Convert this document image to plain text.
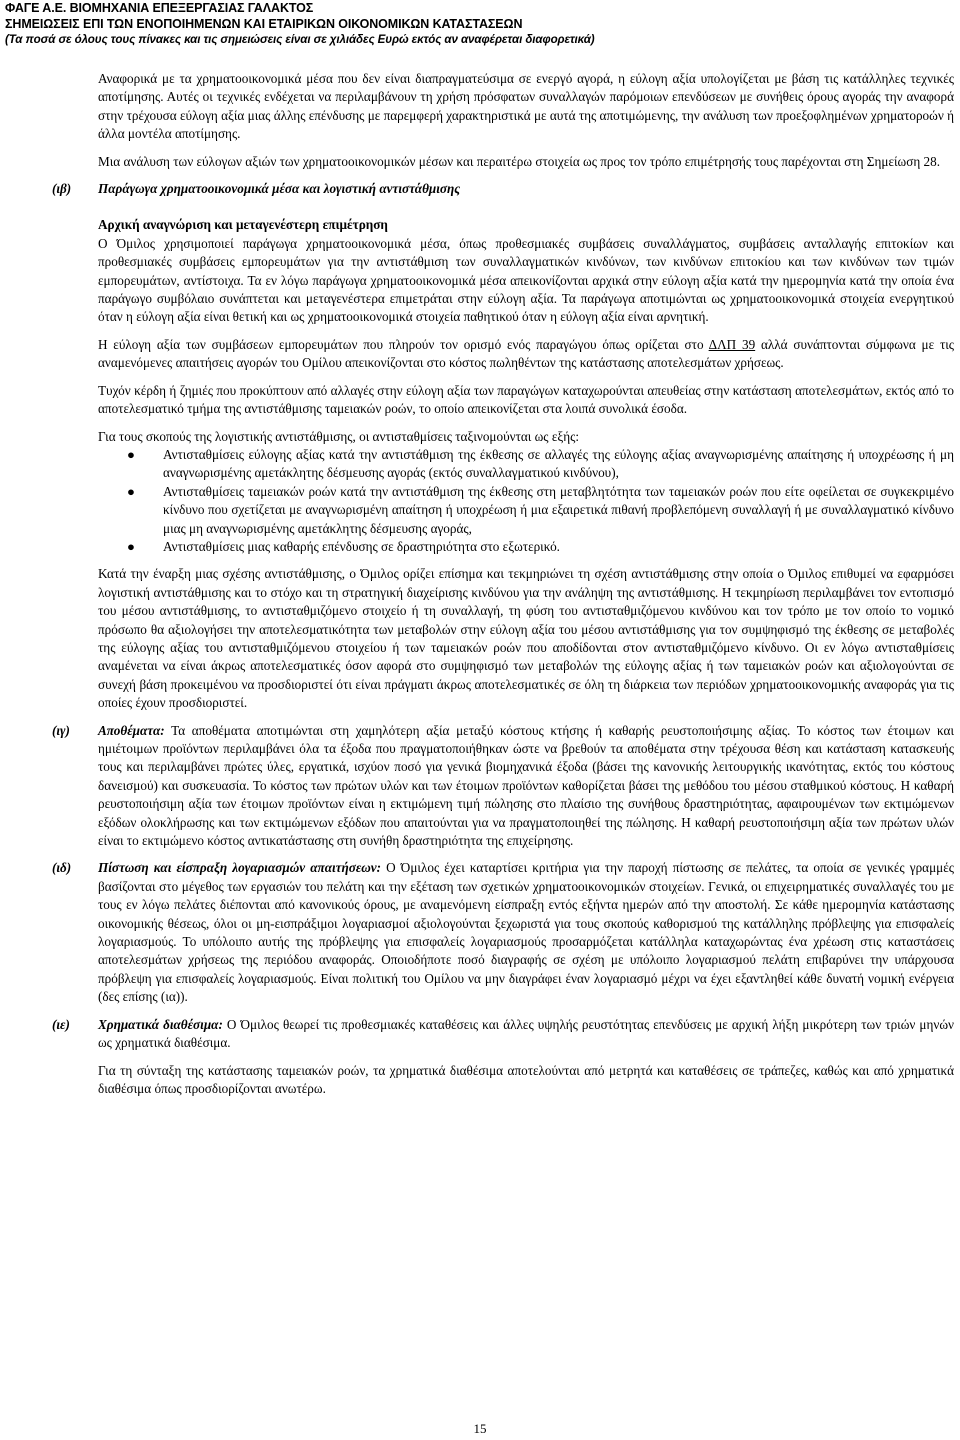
ΦΑΓΕ Α.Ε. ΒΙΟΜΗΧΑΝΙΑ ΕΠΕΞΕΡΓΑΣΙΑΣ ΓΑΛΑΚΤΟΣ
ΣΗΜΕΙΩΣΕΙΣ ΕΠΙ ΤΩΝ ΕΝΟΠΟΙΗΜΕΝΩΝ ΚΑΙ ΕΤΑΙΡΙΚΩΝ ΟΙΚΟΝΟΜΙΚΩΝ ΚΑΤΑΣΤΑΣΕΩΝ
(Τα ποσά σε όλους τους πίνακες και τις σημειώσεις είναι σε χιλιάδες Ευρώ εκτός αν αναφέρεται διαφορετικά)

Αναφορικά με τα χρηματοοικονομικά μέσα που δεν είναι διαπραγματεύσιμα σε ενεργό αγορά, η εύλογη αξία υπολογίζεται με βάση τις κατάλληλες τεχνικές αποτίμησης. Αυτές οι τεχνικές ενδέχεται να περιλαμβάνουν τη χρήση πρόσφατων συναλλαγών παρόμοιων επενδύσεων με συνήθεις όρους αγοράς την αναφορά στην τρέχουσα εύλογη αξία μιας άλλης επένδυσης με παρεμφερή χαρακτηριστικά με αυτά της αποτιμώμενης, την ανάλυση των προεξοφλημένων χρηματοροών ή άλλα μοντέλα αποτίμησης.

Μια ανάλυση των εύλογων αξιών των χρηματοοικονομικών μέσων και περαιτέρω στοιχεία ως προς τον τρόπο επιμέτρησής τους παρέχονται στη Σημείωση 28.

(ιβ) Παράγωγα χρηματοοικονομικά μέσα και λογιστική αντιστάθμισης

Αρχική αναγνώριση και μεταγενέστερη επιμέτρηση

Ο Όμιλος χρησιμοποιεί παράγωγα χρηματοοικονομικά μέσα, όπως προθεσμιακές συμβάσεις συναλλάγματος, συμβάσεις ανταλλαγής επιτοκίων και προθεσμιακές συμβάσεις εμπορευμάτων για την αντιστάθμιση των συναλλαγματικών κινδύνων, των κινδύνων επιτοκίου και των κινδύνων των τιμών εμπορευμάτων, αντίστοιχα. Τα εν λόγω παράγωγα χρηματοοικονομικά μέσα απεικονίζονται αρχικά στην εύλογη αξία κατά την ημερομηνία κατά την οποία ένα παράγωγο συμβόλαιο συνάπτεται και μεταγενέστερα επιμετράται στην εύλογη αξία. Τα παράγωγα αποτιμώνται ως χρηματοοικονομικά στοιχεία ενεργητικού όταν η εύλογη αξία είναι θετική και ως χρηματοοικονομικά στοιχεία παθητικού όταν η εύλογη αξία είναι αρνητική.

Η εύλογη αξία των συμβάσεων εμπορευμάτων που πληρούν τον ορισμό ενός παραγώγου όπως ορίζεται στο ΔΛΠ 39 αλλά συνάπτονται σύμφωνα με τις αναμενόμενες απαιτήσεις αγορών του Ομίλου απεικονίζονται στο κόστος πωληθέντων της κατάστασης αποτελεσμάτων χρήσεως.

Τυχόν κέρδη ή ζημιές που προκύπτουν από αλλαγές στην εύλογη αξία των παραγώγων καταχωρούνται απευθείας στην κατάσταση αποτελεσμάτων, εκτός από το αποτελεσματικό τμήμα της αντιστάθμισης ταμειακών ροών, το οποίο απεικονίζεται στα λοιπά συνολικά έσοδα.

Για τους σκοπούς της λογιστικής αντιστάθμισης, οι αντισταθμίσεις ταξινομούνται ως εξής:

● Αντισταθμίσεις εύλογης αξίας κατά την αντιστάθμιση της έκθεσης σε αλλαγές της εύλογης αξίας αναγνωρισμένης απαίτησης ή υποχρέωσης ή μη αναγνωρισμένης αμετάκλητης δέσμευσης αγοράς (εκτός συναλλαγματικού κινδύνου),
● Αντισταθμίσεις ταμειακών ροών κατά την αντιστάθμιση της έκθεσης στη μεταβλητότητα των ταμειακών ροών που είτε οφείλεται σε συγκεκριμένο κίνδυνο που σχετίζεται με αναγνωρισμένη απαίτηση ή υποχρέωση ή μια εξαιρετικά πιθανή προβλεπόμενη συναλλαγή ή με συναλλαγματικό κίνδυνο μιας μη αναγνωρισμένης αμετάκλητης δέσμευσης αγοράς,
● Αντισταθμίσεις μιας καθαρής επένδυσης σε δραστηριότητα στο εξωτερικό.

Κατά την έναρξη μιας σχέσης αντιστάθμισης, ο Όμιλος ορίζει επίσημα και τεκμηριώνει τη σχέση αντιστάθμισης στην οποία ο Όμιλος επιθυμεί να εφαρμόσει λογιστική αντιστάθμισης και το στόχο και τη στρατηγική διαχείρισης κινδύνου για την ανάληψη της αντιστάθμισης. Η τεκμηρίωση περιλαμβάνει τον εντοπισμό του μέσου αντιστάθμισης, το αντισταθμιζόμενο στοιχείο ή τη συναλλαγή, τη φύση του αντισταθμιζόμενου κινδύνου και τον τρόπο με τον οποίο το νομικό πρόσωπο θα αξιολογήσει την αποτελεσματικότητα των μεταβολών στην εύλογη αξία του μέσου αντιστάθμισης για τον συμψηφισμό της έκθεσης σε μεταβολές της εύλογης αξίας του αντισταθμιζόμενου στοιχείου ή των ταμειακών ροών που αποδίδονται στον αντισταθμιζόμενο κίνδυνο. Οι εν λόγω αντισταθμίσεις αναμένεται να είναι άκρως αποτελεσματικές όσον αφορά στο συμψηφισμό των μεταβολών της εύλογης αξίας ή των ταμειακών ροών και αξιολογούνται σε συνεχή βάση προκειμένου να προσδιοριστεί ότι είναι πράγματι άκρως αποτελεσματικές σε όλη τη διάρκεια των περιόδων χρηματοοικονομικής αναφοράς για τις οποίες έχουν προσδιοριστεί.

(ιγ) Αποθέματα: Τα αποθέματα αποτιμώνται στη χαμηλότερη αξία μεταξύ κόστους κτήσης ή καθαρής ρευστοποιήσιμης αξίας. Το κόστος των έτοιμων και ημιέτοιμων προϊόντων περιλαμβάνει όλα τα έξοδα που πραγματοποιήθηκαν ώστε να βρεθούν τα αποθέματα στην τρέχουσα θέση και κατάσταση κατασκευής τους και περιλαμβάνει πρώτες ύλες, εργατικά, ισχύον ποσό για γενικά βιομηχανικά έξοδα (βάσει της κανονικής λειτουργικής ικανότητας, εκτός του κόστους δανεισμού) και συσκευασία. Το κόστος των πρώτων υλών και των έτοιμων προϊόντων καθορίζεται βάσει της μεθόδου του μέσου σταθμικού κόστους. Η καθαρή ρευστοποιήσιμη αξία των έτοιμων προϊόντων είναι η εκτιμώμενη τιμή πώλησης στο πλαίσιο της συνήθους δραστηριότητας, αφαιρουμένων των εκτιμώμενων εξόδων ολοκλήρωσης και των εκτιμώμενων εξόδων που απαιτούνται για να πραγματοποιηθεί της πώλησης. Η καθαρή ρευστοποιήσιμη αξία των πρώτων υλών είναι το εκτιμώμενο κόστος αντικατάστασης στη συνήθη δραστηριότητα της επιχείρησης.

(ιδ) Πίστωση και είσπραξη λογαριασμών απαιτήσεων: Ο Όμιλος έχει καταρτίσει κριτήρια για την παροχή πίστωσης σε πελάτες, τα οποία σε γενικές γραμμές βασίζονται στο μέγεθος των εργασιών του πελάτη και την εξέταση των σχετικών χρηματοοικονομικών στοιχείων. Γενικά, οι επιχειρηματικές συναλλαγές του με τους εν λόγω πελάτες διέπονται από κανονικούς όρους, με αναμενόμενη είσπραξη εντός εξήντα ημερών από την αποστολή. Σε κάθε ημερομηνία κατάστασης οικονομικής θέσεως, όλοι οι μη-εισπράξιμοι λογαριασμοί αξιολογούνται ξεχωριστά για τους σκοπούς καθορισμού της κατάλληλης πρόβλεψης για επισφαλείς λογαριασμούς. Το υπόλοιπο αυτής της πρόβλεψης για επισφαλείς λογαριασμούς προσαρμόζεται κατάλληλα καταχωρώντας ένα χρέωση στις καταστάσεις αποτελεσμάτων χρήσεως της περιόδου αναφοράς. Οποιοδήποτε ποσό διαγραφής σε σχέση με υπόλοιπο λογαριασμού πελάτη επιβαρύνει την υπάρχουσα πρόβλεψη για επισφαλείς λογαριασμούς. Είναι πολιτική του Ομίλου να μην διαγράφει έναν λογαριασμό μέχρι να έχει εξαντληθεί κάθε δυνατή νομική ενέργεια (δες επίσης (ια)).

(ιε) Χρηματικά διαθέσιμα: Ο Όμιλος θεωρεί τις προθεσμιακές καταθέσεις και άλλες υψηλής ρευστότητας επενδύσεις με αρχική λήξη μικρότερη των τριών μηνών ως χρηματικά διαθέσιμα.

Για τη σύνταξη της κατάστασης ταμειακών ροών, τα χρηματικά διαθέσιμα αποτελούνται από μετρητά και καταθέσεις σε τράπεζες, καθώς και από χρηματικά διαθέσιμα όπως προσδιορίζονται ανωτέρω.

15
